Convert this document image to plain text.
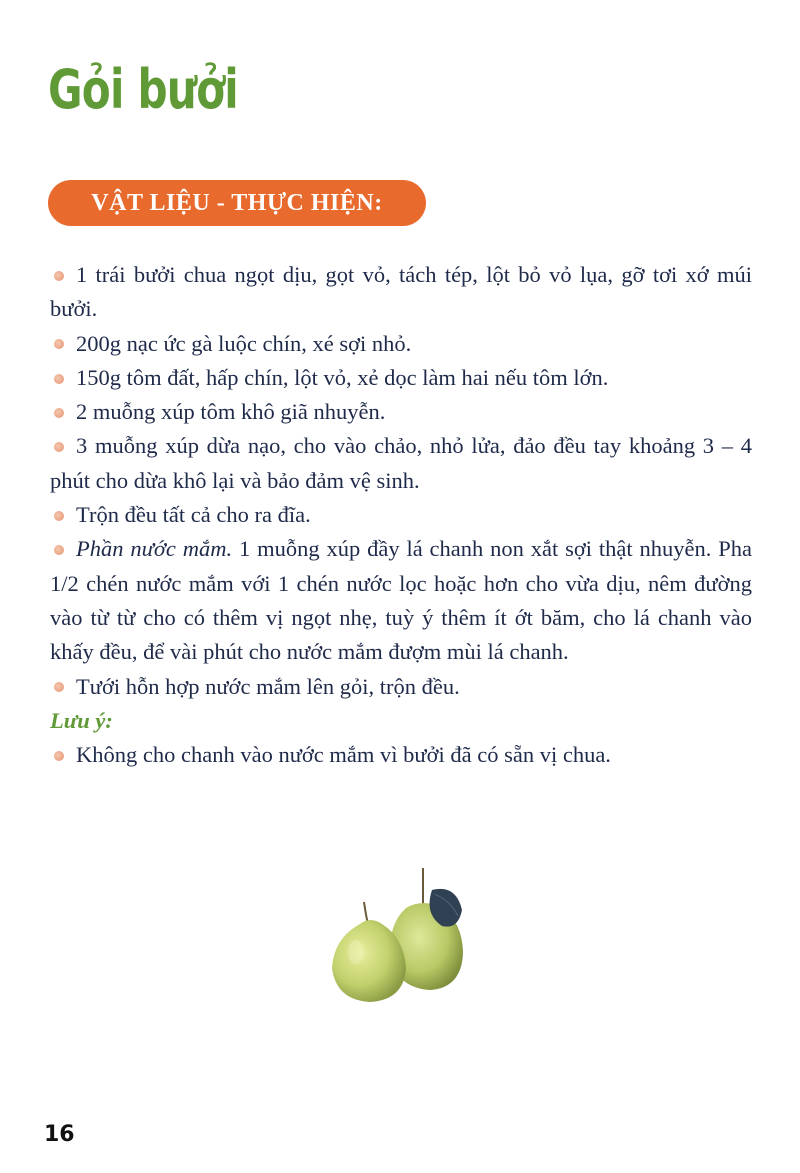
Gỏi bưởi
VẬT LIỆU - THỰC HIỆN:

1 trái bưởi chua ngọt dịu, gọt vỏ, tách tép, lột bỏ vỏ lụa, gỡ tơi xớ múi bưởi.

200g nạc ức gà luộc chín, xé sợi nhỏ.

150g tôm đất, hấp chín, lột vỏ, xẻ dọc làm hai nếu tôm lớn.

2 muỗng xúp tôm khô giã nhuyễn.

3 muỗng xúp dừa nạo, cho vào chảo, nhỏ lửa, đảo đều tay khoảng 3 – 4 phút cho dừa khô lại và bảo đảm vệ sinh.

Trộn đều tất cả cho ra đĩa.

Phần nước mắm. 1 muỗng xúp đầy lá chanh non xắt sợi thật nhuyễn. Pha 1/2 chén nước mắm với 1 chén nước lọc hoặc hơn cho vừa dịu, nêm đường vào từ từ cho có thêm vị ngọt nhẹ, tuỳ ý thêm ít ớt băm, cho lá chanh vào khấy đều, để vài phút cho nước mắm đượm mùi lá chanh.

Tưới hỗn hợp nước mắm lên gỏi, trộn đều.

Lưu ý:

Không cho chanh vào nước mắm vì bưởi đã có sẵn vị chua.

16
